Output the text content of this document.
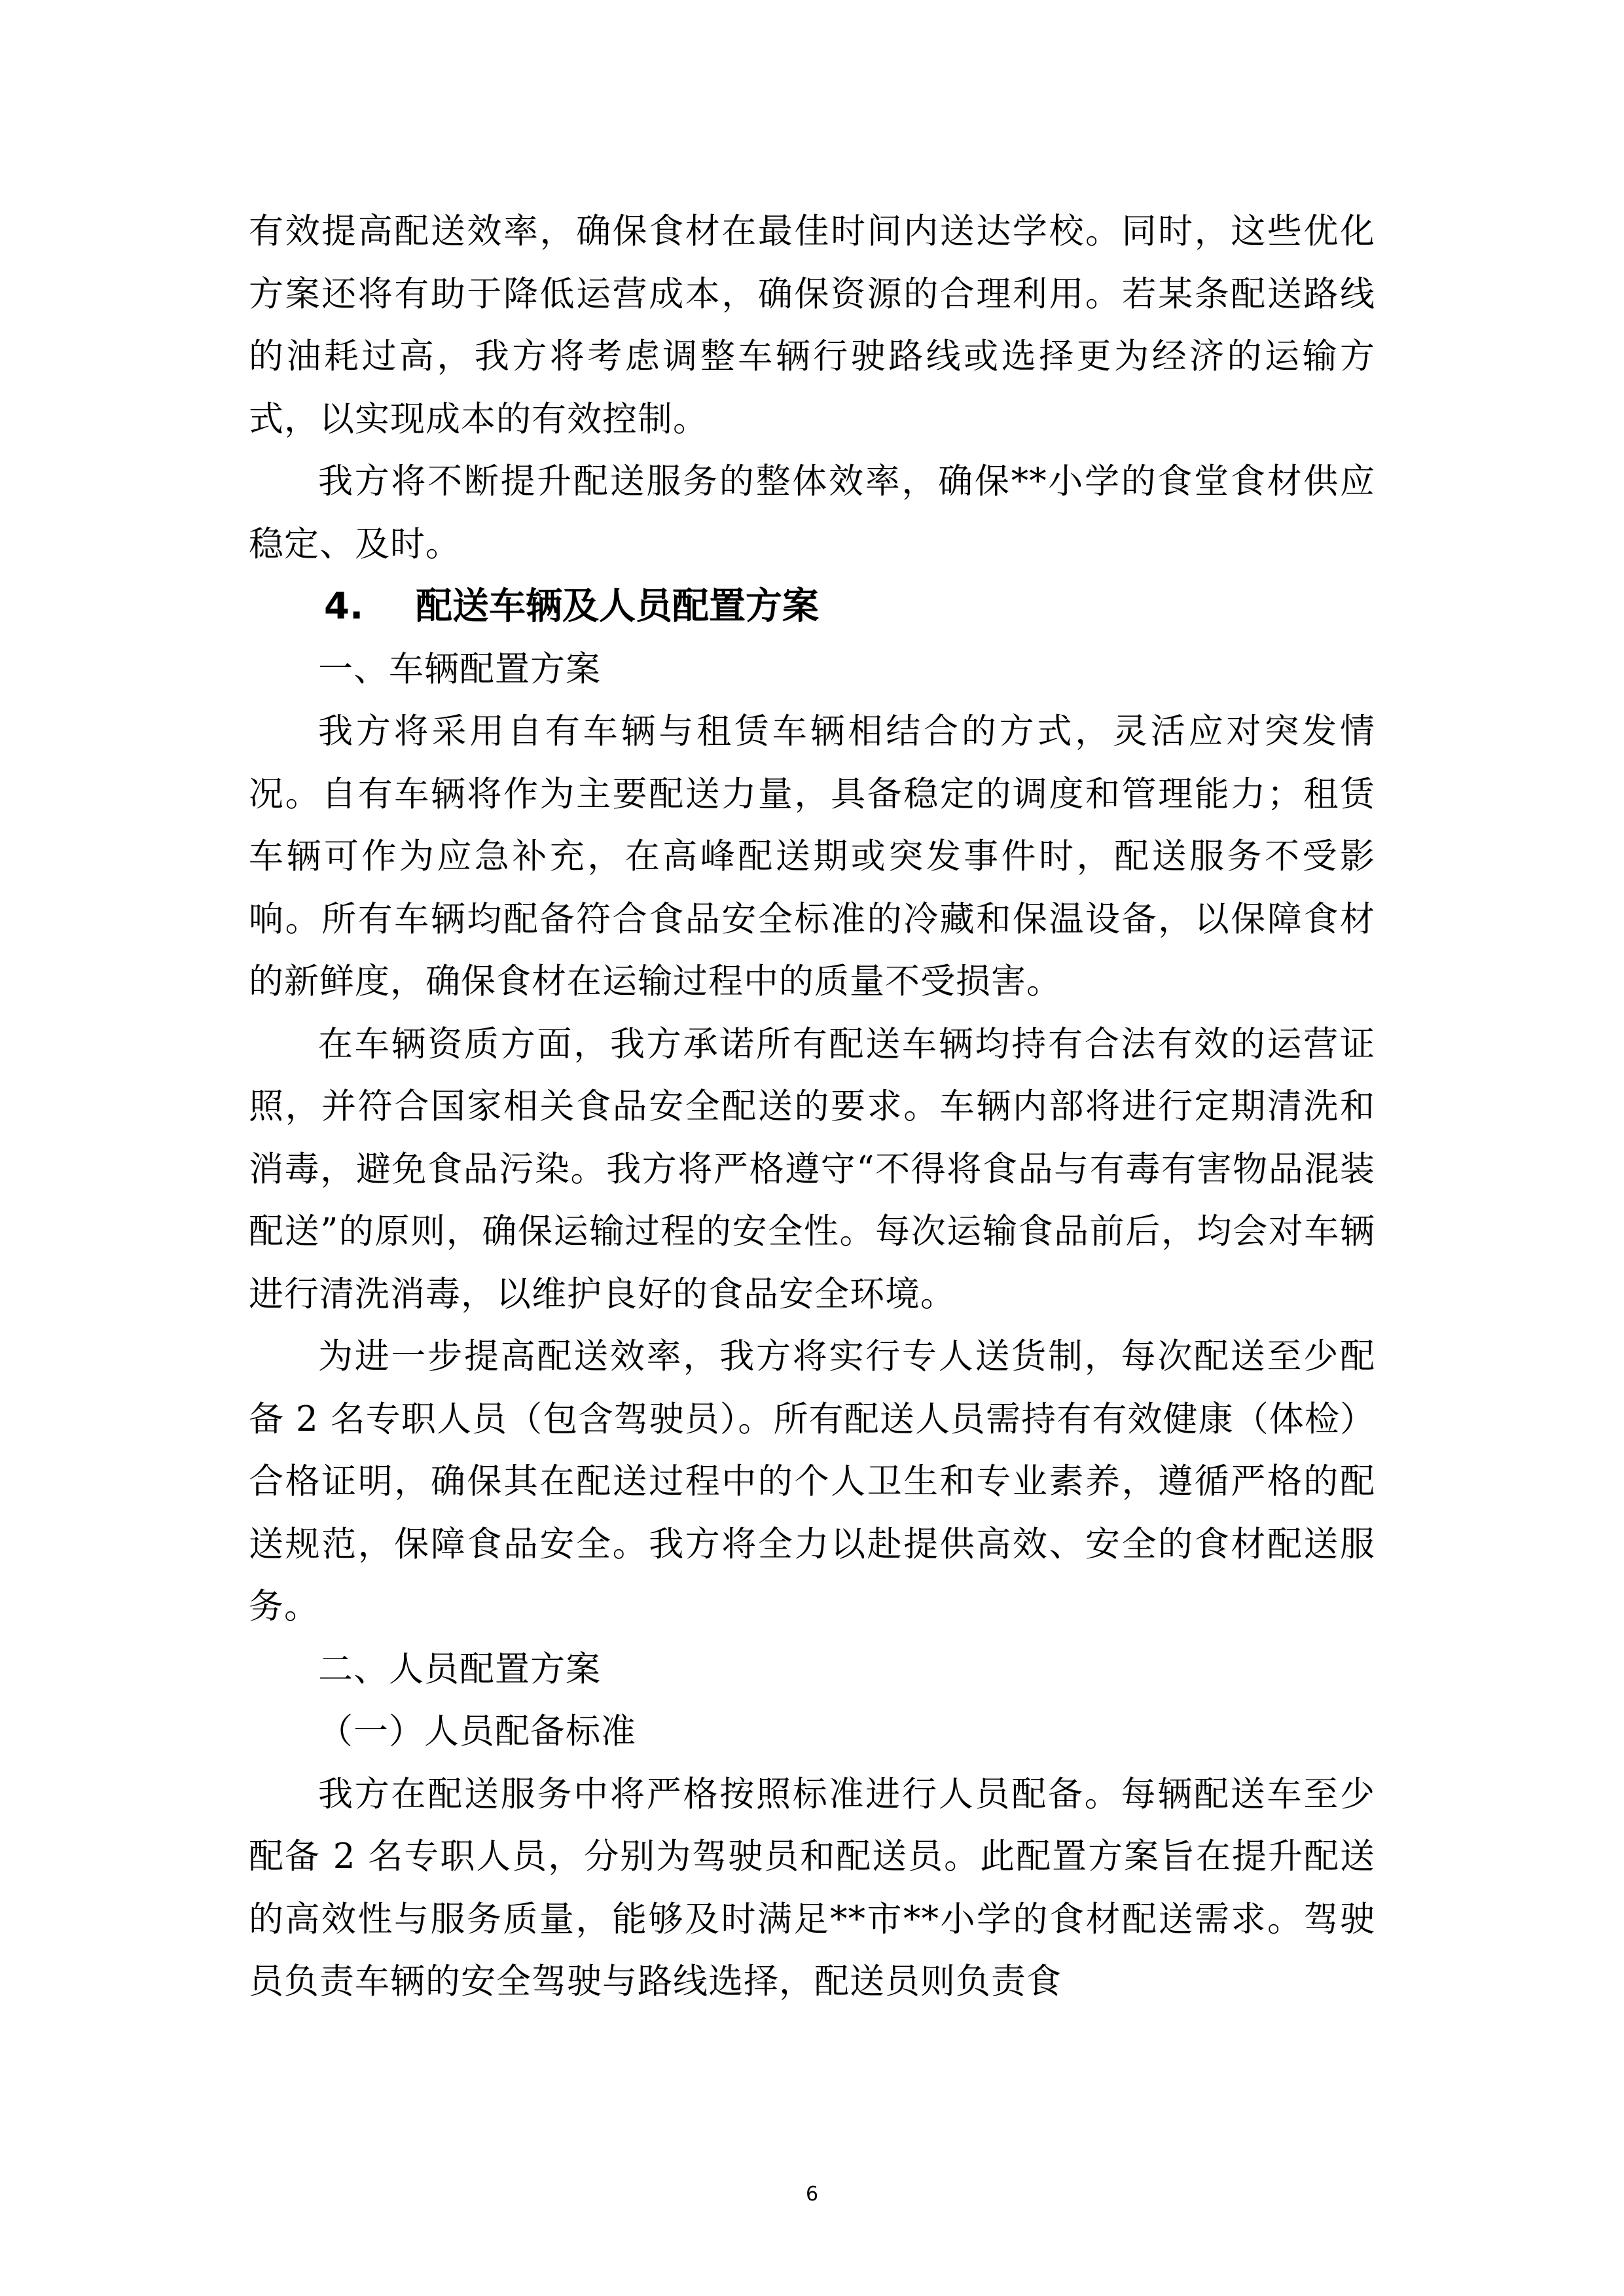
有效提高配送效率，确保食材在最佳时间内送达学校。同时，这些优化方案还将有助于降低运营成本，确保资源的合理利用。若某条配送路线的油耗过高，我方将考虑调整车辆行驶路线或选择更为经济的运输方式，以实现成本的有效控制。

我方将不断提升配送服务的整体效率，确保**小学的食堂食材供应稳定、及时。

4. 配送车辆及人员配置方案

一、车辆配置方案

我方将采用自有车辆与租赁车辆相结合的方式，灵活应对突发情况。自有车辆将作为主要配送力量，具备稳定的调度和管理能力；租赁车辆可作为应急补充，在高峰配送期或突发事件时，配送服务不受影响。所有车辆均配备符合食品安全标准的冷藏和保温设备，以保障食材的新鲜度，确保食材在运输过程中的质量不受损害。

在车辆资质方面，我方承诺所有配送车辆均持有合法有效的运营证照，并符合国家相关食品安全配送的要求。车辆内部将进行定期清洗和消毒，避免食品污染。我方将严格遵守“不得将食品与有毒有害物品混装配送”的原则，确保运输过程的安全性。每次运输食品前后，均会对车辆进行清洗消毒，以维护良好的食品安全环境。

为进一步提高配送效率，我方将实行专人送货制，每次配送至少配备 2 名专职人员（包含驾驶员）。所有配送人员需持有有效健康（体检）合格证明，确保其在配送过程中的个人卫生和专业素养，遵循严格的配送规范，保障食品安全。我方将全力以赴提供高效、安全的食材配送服务。

二、人员配置方案

（一）人员配备标准

我方在配送服务中将严格按照标准进行人员配备。每辆配送车至少配备 2 名专职人员，分别为驾驶员和配送员。此配置方案旨在提升配送的高效性与服务质量，能够及时满足**市**小学的食材配送需求。驾驶员负责车辆的安全驾驶与路线选择，配送员则负责食

6
